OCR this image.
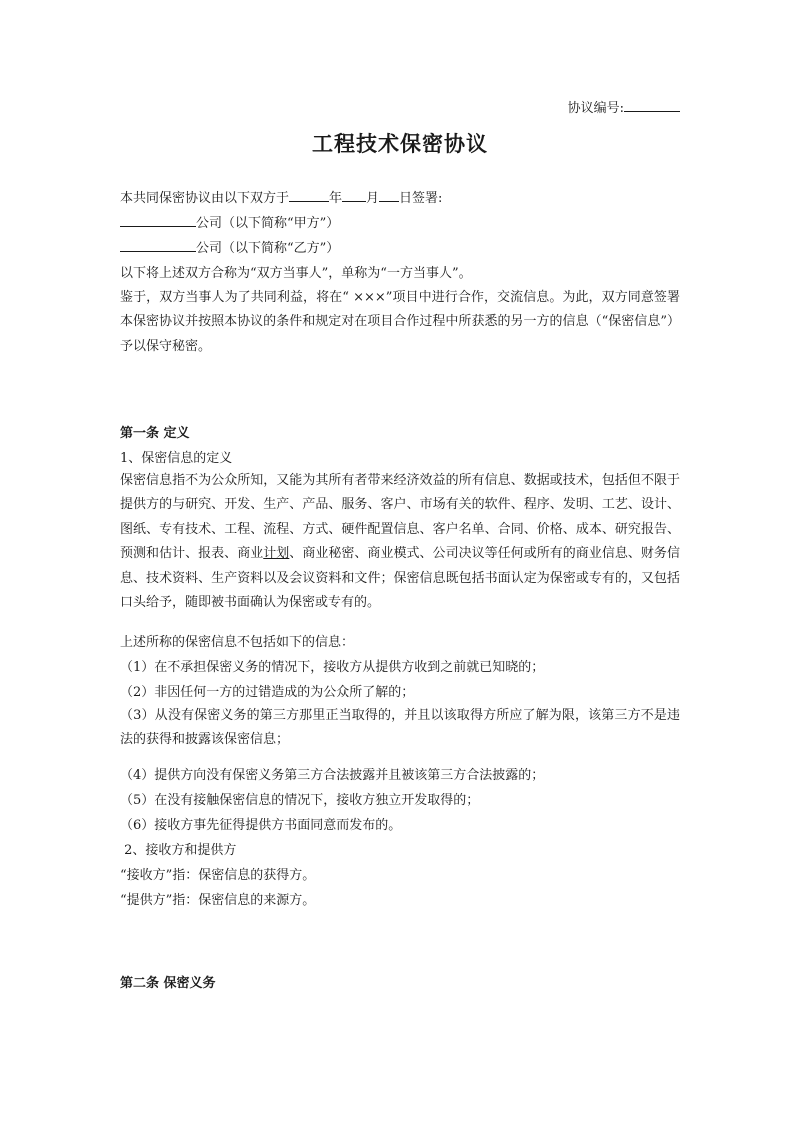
协议编号:
工程技术保密协议
本共同保密协议由以下双方于	年 月 日签署:
公司（以下简称“甲方”）
公司（以下简称“乙方”）
以下将上述双方合称为“双方当事人”，单称为“一方当事人”。
鉴于，双方当事人为了共同利益，将在“ ×××”项目中进行合作，交流信息。为此，双方同意签署本保密协议并按照本协议的条件和规定对在项目合作过程中所获悉的另一方的信息（“保密信息”）予以保守秘密。
第一条 定义
1、保密信息的定义
保密信息指不为公众所知，又能为其所有者带来经济效益的所有信息、数据或技术，包括但不限于提供方的与研究、开发、生产、产品、服务、客户、市场有关的软件、程序、发明、工艺、设计、图纸、专有技术、工程、流程、方式、硬件配置信息、客户名单、合同、价格、成本、研究报告、预测和估计、报表、商业计划、商业秘密、商业模式、公司决议等任何或所有的商业信息、财务信息、技术资料、生产资料以及会议资料和文件；保密信息既包括书面认定为保密或专有的，又包括口头给予，随即被书面确认为保密或专有的。
上述所称的保密信息不包括如下的信息：
（1）在不承担保密义务的情况下，接收方从提供方收到之前就已知晓的；
（2）非因任何一方的过错造成的为公众所了解的；
（3）从没有保密义务的第三方那里正当取得的，并且以该取得方所应了解为限，该第三方不是违法的获得和披露该保密信息；
（4）提供方向没有保密义务第三方合法披露并且被该第三方合法披露的；
（5）在没有接触保密信息的情况下，接收方独立开发取得的；
（6）接收方事先征得提供方书面同意而发布的。
2、接收方和提供方
“接收方”指：保密信息的获得方。
“提供方”指：保密信息的来源方。
第二条 保密义务
